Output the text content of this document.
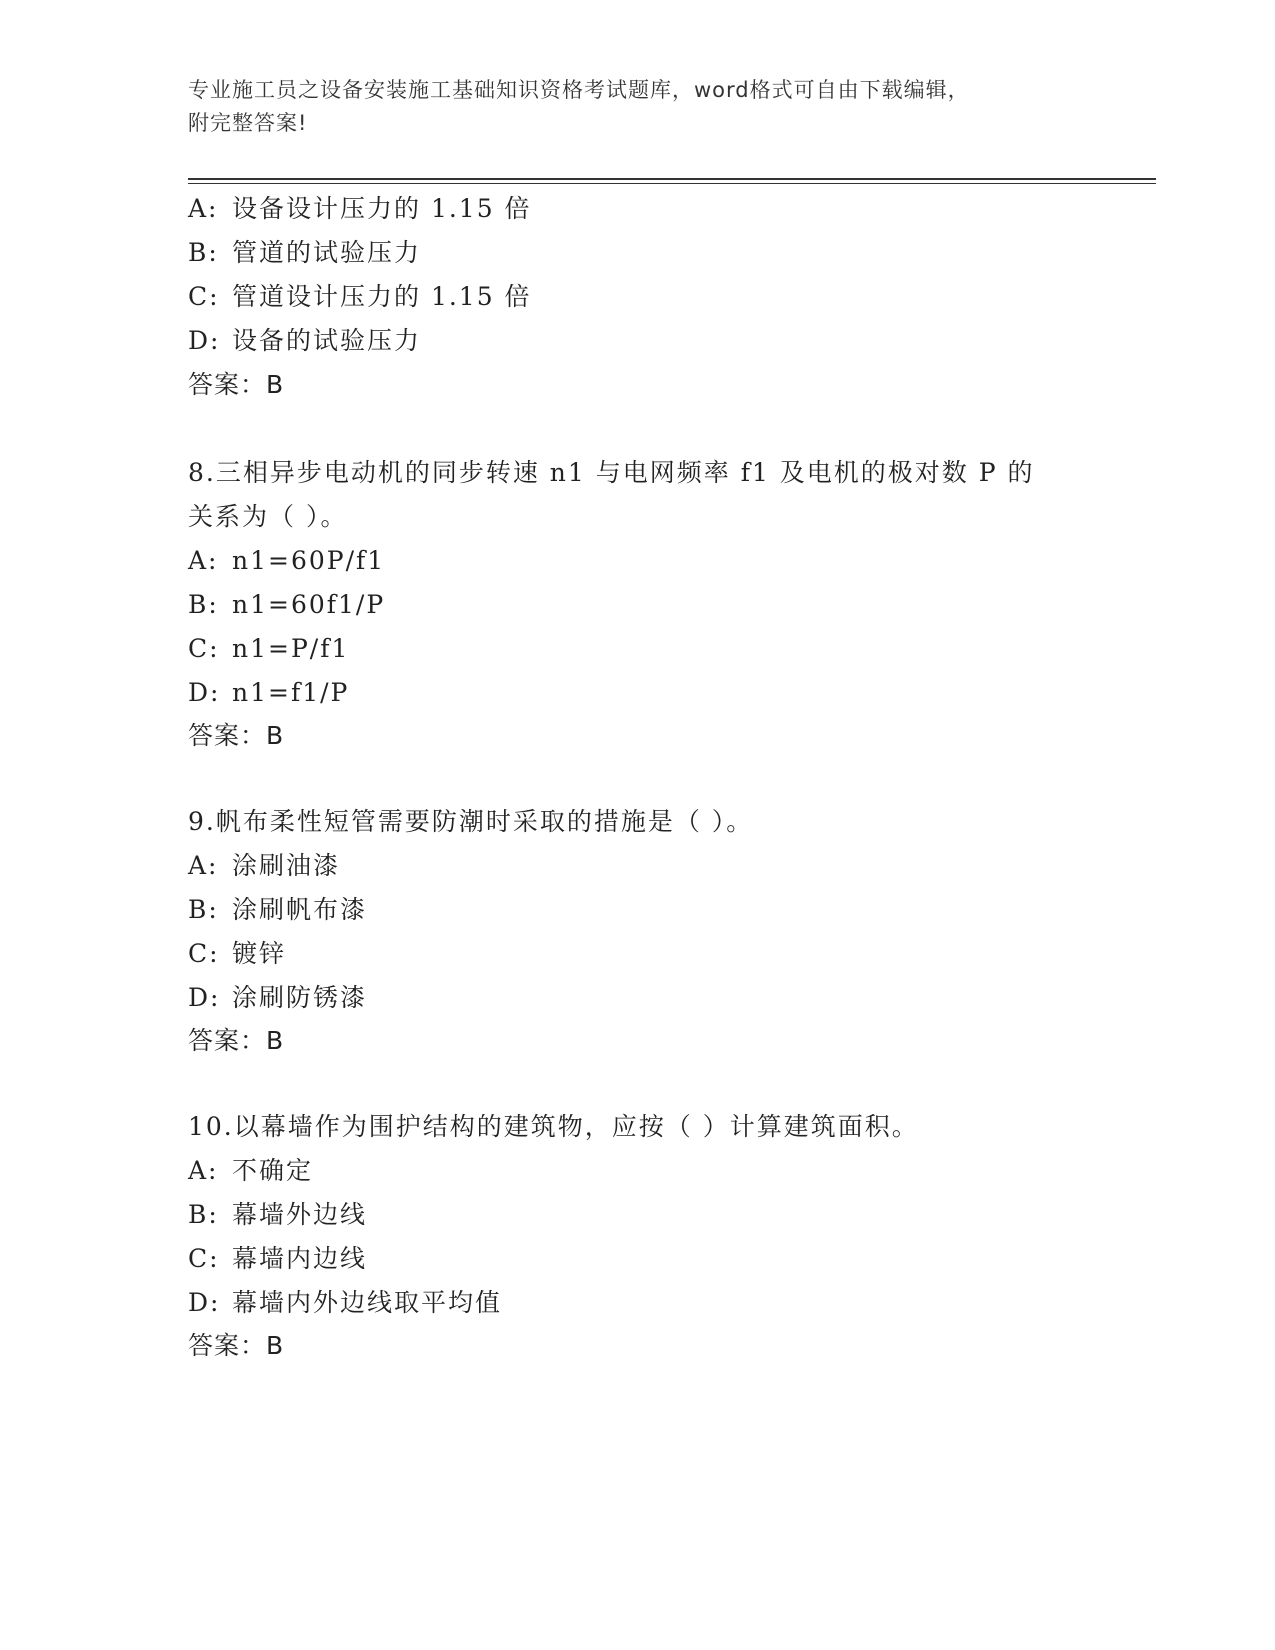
专业施工员之设备安装施工基础知识资格考试题库，word格式可自由下载编辑，
附完整答案!
A: 设备设计压力的 1.15 倍
B: 管道的试验压力
C: 管道设计压力的 1.15 倍
D: 设备的试验压力
答案：B
8.三相异步电动机的同步转速 n1 与电网频率 f1 及电机的极对数 P 的
关系为（ ）。
A: n1=60P/f1
B: n1=60f1/P
C: n1=P/f1
D: n1=f1/P
答案：B
9.帆布柔性短管需要防潮时采取的措施是（ ）。
A: 涂刷油漆
B: 涂刷帆布漆
C: 镀锌
D: 涂刷防锈漆
答案：B
10.以幕墙作为围护结构的建筑物，应按（ ）计算建筑面积。
A: 不确定
B: 幕墙外边线
C: 幕墙内边线
D: 幕墙内外边线取平均值
答案：B
